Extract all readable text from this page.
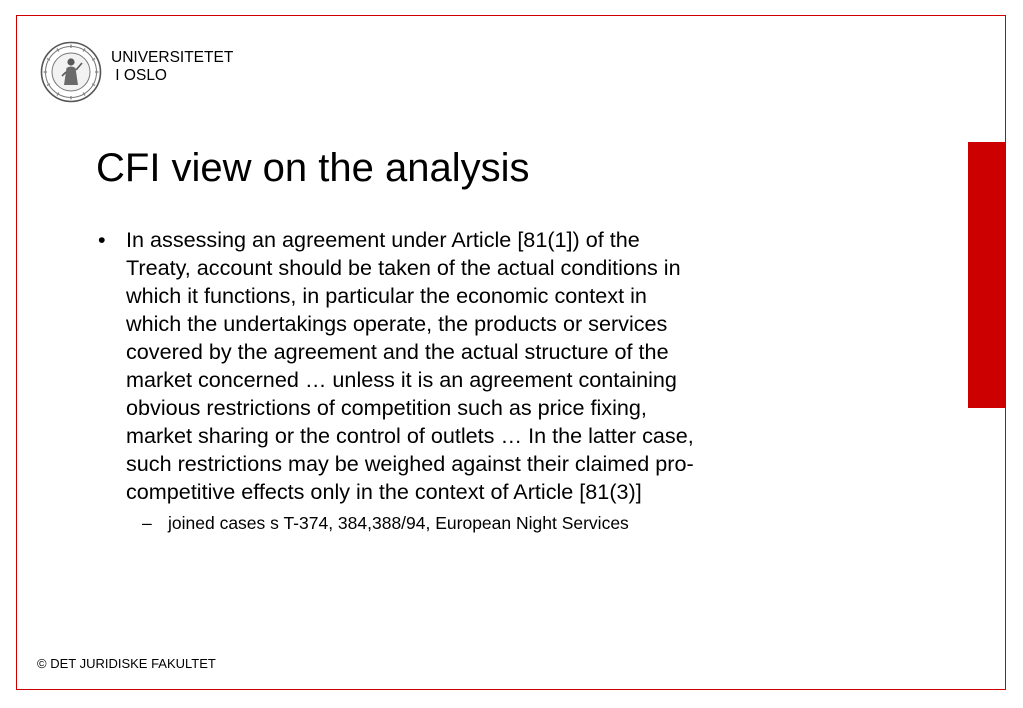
UNIVERSITETET
I OSLO
CFI view on the analysis
• In assessing an agreement under Article [81(1]) of the
Treaty, account should be taken of the actual conditions in
which it functions, in particular the economic context in
which the undertakings operate, the products or services
covered by the agreement and the actual structure of the
market concerned … unless it is an agreement containing
obvious restrictions of competition such as price fixing,
market sharing or the control of outlets … In the latter case,
such restrictions may be weighed against their claimed pro-
competitive effects only in the context of Article [81(3)]
– joined cases s T-374, 384,388/94, European Night Services
© DET JURIDISKE FAKULTET
